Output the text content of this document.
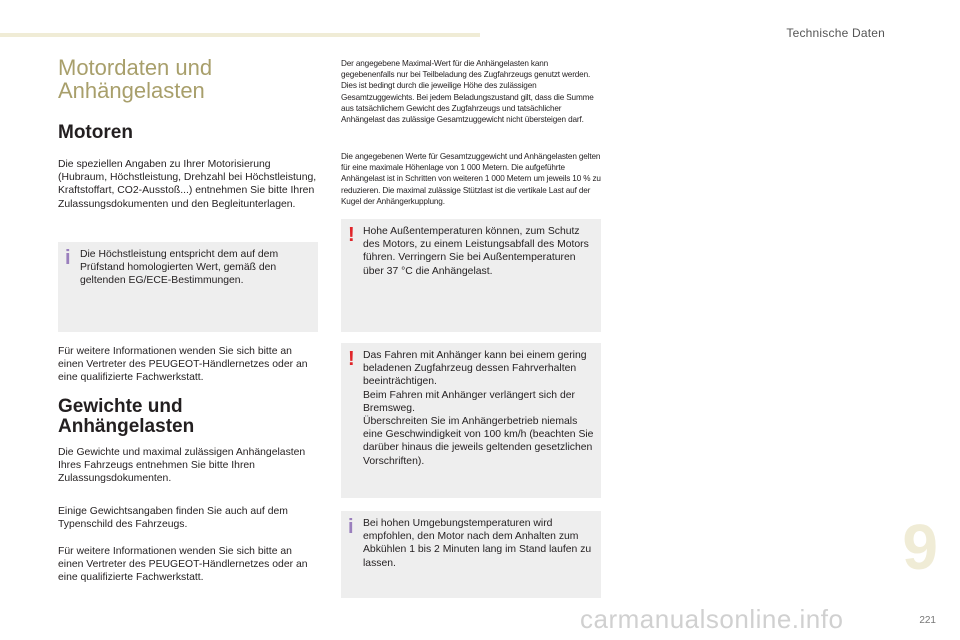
Technische Daten
9
221
carmanualsonline.info
Motordaten und
Anhängelasten
Motoren

Die speziellen Angaben zu Ihrer Motorisierung (Hubraum, Höchstleistung, Drehzahl bei Höchstleistung, Kraftstoffart, CO2-Ausstoß...) entnehmen Sie bitte Ihren Zulassungsdokumenten und den Begleitunterlagen.

i Die Höchstleistung entspricht dem auf dem Prüfstand homologierten Wert, gemäß den geltenden EG/ECE-Bestimmungen.

Für weitere Informationen wenden Sie sich bitte an einen Vertreter des PEUGEOT-Händlernetzes oder an eine qualifizierte Fachwerkstatt.

Gewichte und
Anhängelasten

Die Gewichte und maximal zulässigen Anhängelasten Ihres Fahrzeugs entnehmen Sie bitte Ihren Zulassungsdokumenten.

Einige Gewichtsangaben finden Sie auch auf dem Typenschild des Fahrzeugs.

Für weitere Informationen wenden Sie sich bitte an einen Vertreter des PEUGEOT-Händlernetzes oder an eine qualifizierte Fachwerkstatt.

Der angegebene Maximal-Wert für die Anhängelasten kann gegebenenfalls nur bei Teilbeladung des Zugfahrzeugs genutzt werden. Dies ist bedingt durch die jeweilige Höhe des zulässigen Gesamtzuggewichts. Bei jedem Beladungszustand gilt, dass die Summe aus tatsächlichem Gewicht des Zugfahrzeugs und tatsächlicher Anhängelast das zulässige Gesamtzuggewicht nicht übersteigen darf.

Die angegebenen Werte für Gesamtzuggewicht und Anhängelasten gelten für eine maximale Höhenlage von 1 000 Metern. Die aufgeführte Anhängelast ist in Schritten von weiteren 1 000 Metern um jeweils 10 % zu reduzieren. Die maximal zulässige Stützlast ist die vertikale Last auf der Kugel der Anhängerkupplung.

! Hohe Außentemperaturen können, zum Schutz des Motors, zu einem Leistungsabfall des Motors führen. Verringern Sie bei Außentemperaturen über 37 °C die Anhängelast.
! Das Fahren mit Anhänger kann bei einem gering beladenen Zugfahrzeug dessen Fahrverhalten beeinträchtigen.
Beim Fahren mit Anhänger verlängert sich der Bremsweg.
Überschreiten Sie im Anhängerbetrieb niemals eine Geschwindigkeit von 100 km/h (beachten Sie darüber hinaus die jeweils geltenden gesetzlichen Vorschriften).
i Bei hohen Umgebungstemperaturen wird empfohlen, den Motor nach dem Anhalten zum Abkühlen 1 bis 2 Minuten lang im Stand laufen zu lassen.
